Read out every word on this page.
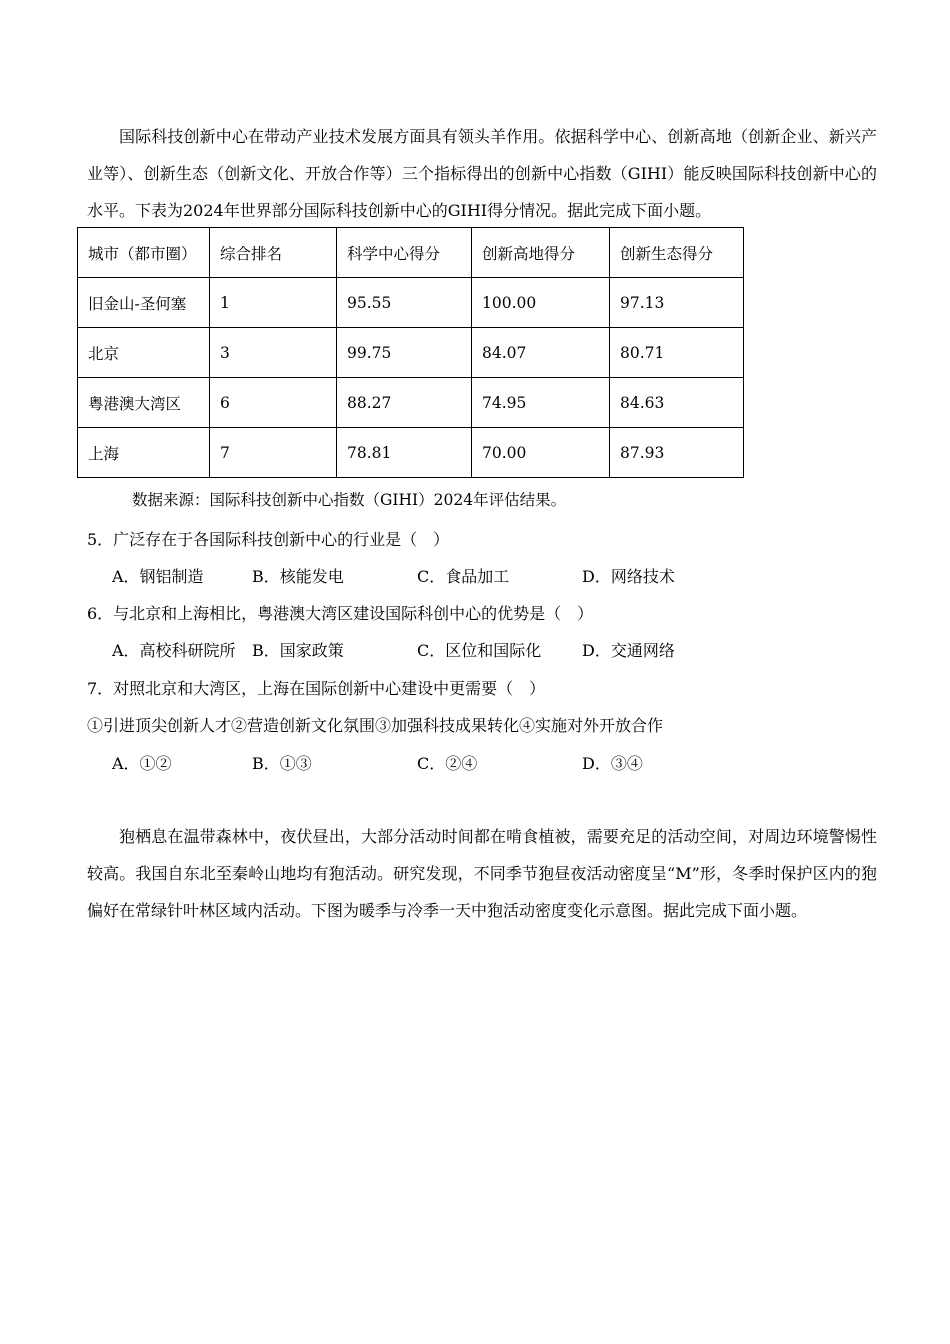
国际科技创新中心在带动产业技术发展方面具有领头羊作用。依据科学中心、创新高地（创新企业、新兴产业等）、创新生态（创新文化、开放合作等）三个指标得出的创新中心指数（GIHI）能反映国际科技创新中心的水平。下表为2024年世界部分国际科技创新中心的GIHI得分情况。据此完成下面小题。

城市（都市圈）	综合排名	科学中心得分	创新高地得分	创新生态得分
旧金山-圣何塞	1	95.55	100.00	97.13
北京	3	99.75	84.07	80.71
粤港澳大湾区	6	88.27	74.95	84.63
上海	7	78.81	70.00	87.93
数据来源：国际科技创新中心指数（GIHI）2024年评估结果。

5．广泛存在于各国际科技创新中心的行业是（　）

A．钢铝制造	B．核能发电	C．食品加工	D．网络技术

6．与北京和上海相比，粤港澳大湾区建设国际科创中心的优势是（　）

A．高校科研院所 B．国家政策	C．区位和国际化	D．交通网络

7．对照北京和大湾区，上海在国际创新中心建设中更需要（　）

①引进顶尖创新人才②营造创新文化氛围③加强科技成果转化④实施对外开放合作
A．①②	B．①③	C．②④	D．③④

狍栖息在温带森林中，夜伏昼出，大部分活动时间都在啃食植被，需要充足的活动空间，对周边环境警惕性较高。我国自东北至秦岭山地均有狍活动。研究发现，不同季节狍昼夜活动密度呈“M”形，冬季时保护区内的狍偏好在常绿针叶林区域内活动。下图为暖季与冷季一天中狍活动密度变化示意图。据此完成下面小题。
